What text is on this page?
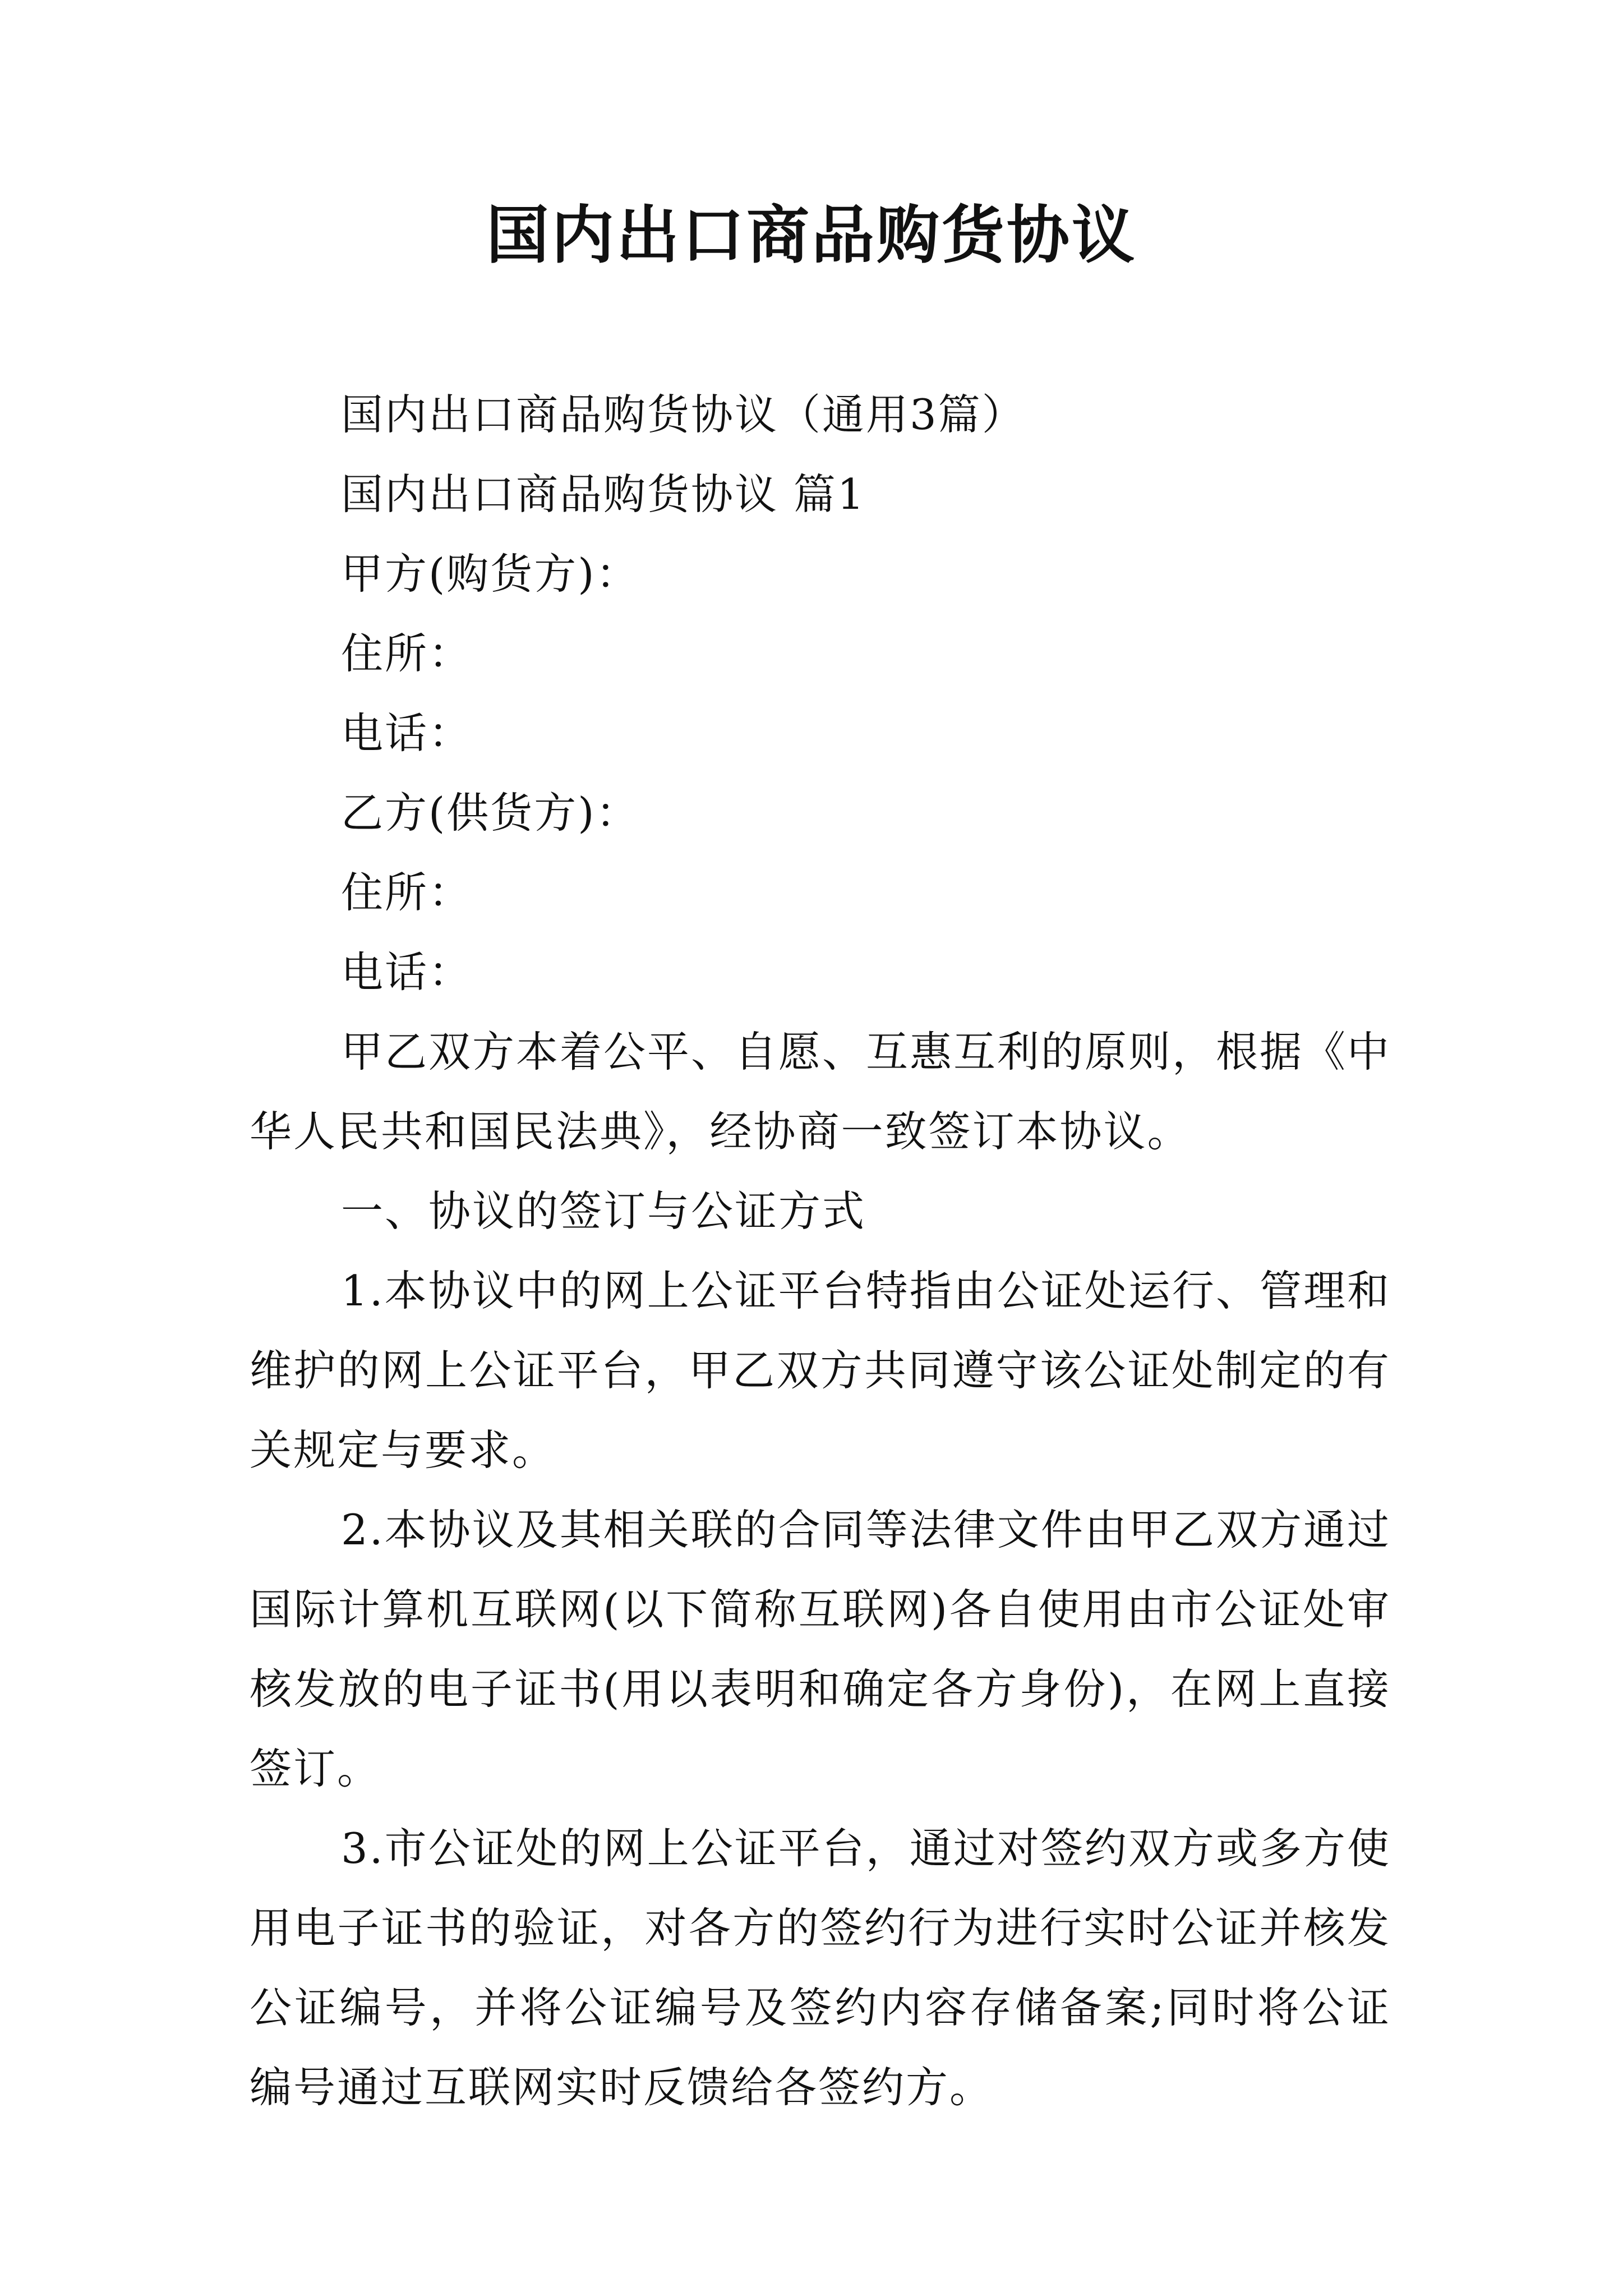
国内出口商品购货协议

国内出口商品购货协议（通用3篇）

国内出口商品购货协议 篇1

甲方(购货方)：

住所：

电话：

乙方(供货方)：

住所：

电话：

甲乙双方本着公平、自愿、互惠互利的原则，根据《中华人民共和国民法典》，经协商一致签订本协议。

一、协议的签订与公证方式

1.本协议中的网上公证平台特指由公证处运行、管理和维护的网上公证平台，甲乙双方共同遵守该公证处制定的有关规定与要求。

2.本协议及其相关联的合同等法律文件由甲乙双方通过国际计算机互联网(以下简称互联网)各自使用由市公证处审核发放的电子证书(用以表明和确定各方身份)，在网上直接签订。

3.市公证处的网上公证平台，通过对签约双方或多方使用电子证书的验证，对各方的签约行为进行实时公证并核发公证编号，并将公证编号及签约内容存储备案;同时将公证编号通过互联网实时反馈给各签约方。
